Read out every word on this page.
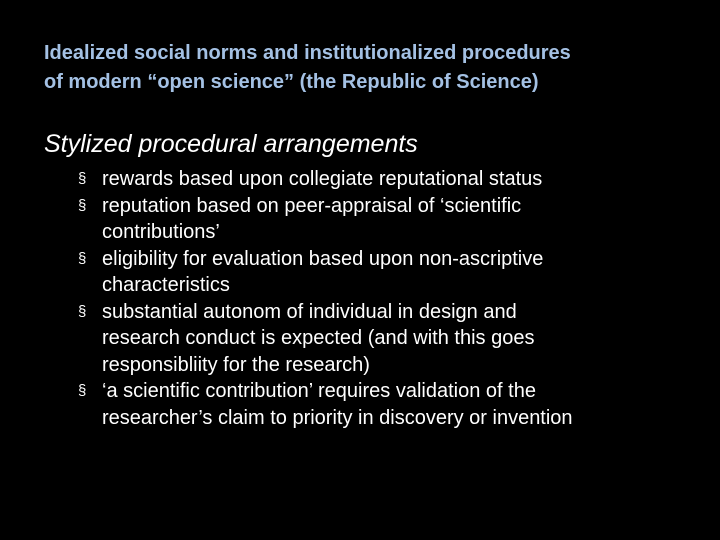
Idealized social norms and institutionalized procedures
of modern “open science” (the Republic of Science)
Stylized procedural arrangements
§ rewards based upon collegiate reputational status
§ reputation based on peer-appraisal of ‘scientific
contributions’
§ eligibility for evaluation based upon non-ascriptive
characteristics
§ substantial autonom of individual in design and
research conduct is expected (and with this goes
responsibliity for the research)
§ ‘a scientific contribution’ requires validation of the
researcher’s claim to priority in discovery or invention
